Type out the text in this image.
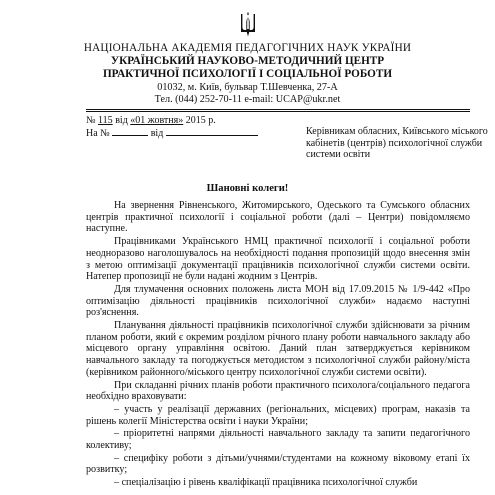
НАЦІОНАЛЬНА АКАДЕМІЯ ПЕДАГОГІЧНИХ НАУК УКРАЇНИ
УКРАЇНСЬКИЙ НАУКОВО-МЕТОДИЧНИЙ ЦЕНТР
ПРАКТИЧНОЇ ПСИХОЛОГІЇ І СОЦІАЛЬНОЇ РОБОТИ
01032, м. Київ, бульвар Т.Шевченка, 27-А
Тел. (044) 252-70-11 e-mail: UCAP@ukr.net
№ 115 від «01 жовтня» 2015 р.
На №	від	Керівникам обласних, Київського міського кабінетів (центрів) психологічної служби системи освіти
Шановні колеги!

На звернення Рівненського, Житомирського, Одеського та Сумського обласних центрів практичної психології і соціальної роботи (далі – Центри) повідомляємо наступне.

Працівниками Українського НМЦ практичної психології і соціальної роботи неодноразово наголошувалось на необхідності подання пропозицій щодо внесення змін з метою оптимізації документації працівників психологічної служби системи освіти. Натепер пропозиції не були надані жодним з Центрів.

Для тлумачення основних положень листа МОН від 17.09.2015 № 1/9-442 «Про оптимізацію діяльності працівників психологічної служби» надаємо наступні роз'яснення.

Планування діяльності працівників психологічної служби здійснювати за річним планом роботи, який є окремим розділом річного плану роботи навчального закладу або місцевого органу управління освітою. Даний план затверджується керівником навчального закладу та погоджується методистом з психологічної служби району/міста (керівником районного/міського центру психологічної служби системи освіти).

При складанні річних планів роботи практичного психолога/соціального педагога необхідно враховувати:

– участь у реалізації державних (регіональних, місцевих) програм, наказів та рішень колегії Міністерства освіти і науки України;

– пріоритетні напрями діяльності навчального закладу та запити педагогічного колективу;

– специфіку роботи з дітьми/учнями/студентами на кожному віковому етапі їх розвитку;

– спеціалізацію і рівень кваліфікації працівника психологічної служби
